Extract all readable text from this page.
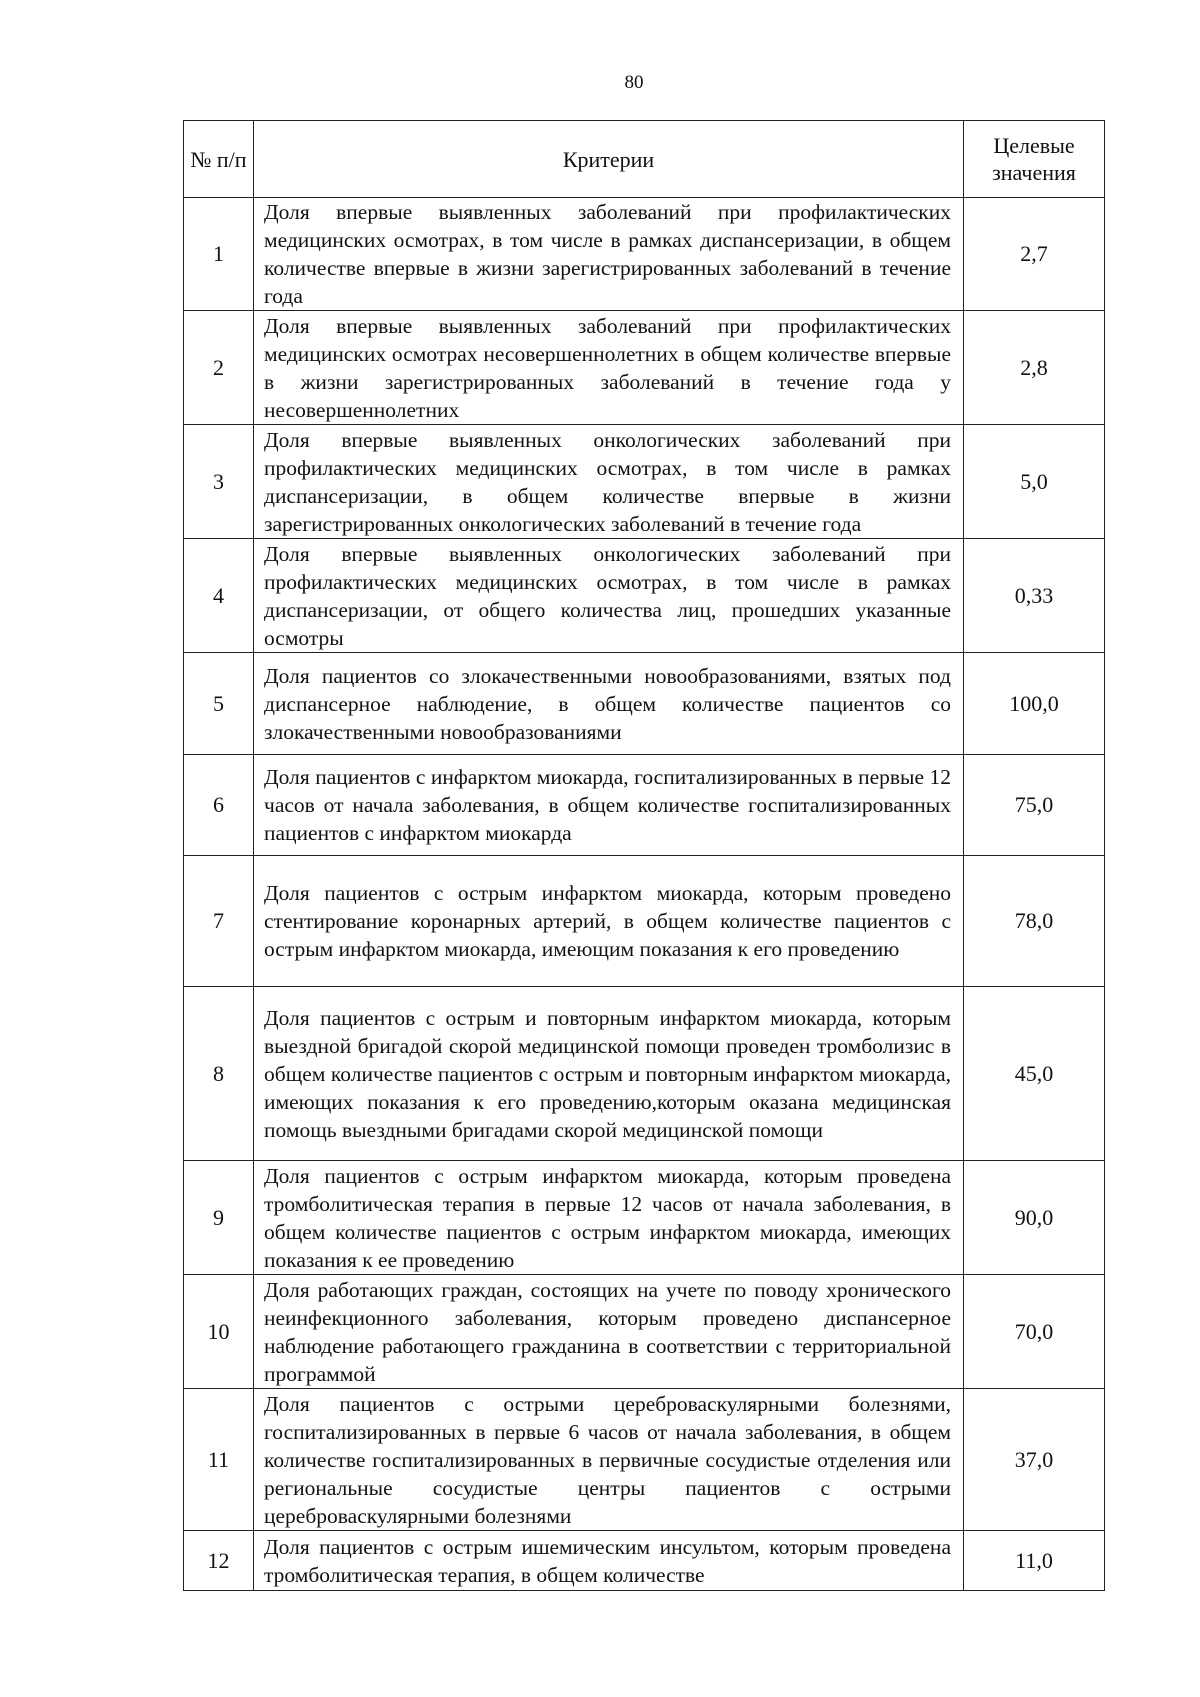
80
№ п/п	Критерии	Целевые значения
1	Доля впервые выявленных заболеваний при профилактических медицинских осмотрах, в том числе в рамках диспансеризации, в общем количестве впервые в жизни зарегистрированных заболеваний в течение года	2,7
2	Доля впервые выявленных заболеваний при профилактических медицинских осмотрах несовершеннолетних в общем количестве впервые в жизни зарегистрированных заболеваний в течение года у несовершеннолетних	2,8
3	Доля впервые выявленных онкологических заболеваний при профилактических медицинских осмотрах, в том числе в рамках диспансеризации, в общем количестве впервые в жизни зарегистрированных онкологических заболеваний в течение года	5,0
4	Доля впервые выявленных онкологических заболеваний при профилактических медицинских осмотрах, в том числе в рамках диспансеризации, от общего количества лиц, прошедших указанные осмотры	0,33
5	Доля пациентов со злокачественными новообразованиями, взятых под диспансерное наблюдение, в общем количестве пациентов со злокачественными новообразованиями	100,0
6	Доля пациентов с инфарктом миокарда, госпитализированных в первые 12 часов от начала заболевания, в общем количестве госпитализированных пациентов с инфарктом миокарда	75,0
7	Доля пациентов с острым инфарктом миокарда, которым проведено стентирование коронарных артерий, в общем количестве пациентов с острым инфарктом миокарда, имеющим показания к его проведению	78,0
8	Доля пациентов с острым и повторным инфарктом миокарда, которым выездной бригадой скорой медицинской помощи проведен тромболизис в общем количестве пациентов с острым и повторным инфарктом миокарда, имеющих показания к его проведению,которым оказана медицинская помощь выездными бригадами скорой медицинской помощи	45,0
9	Доля пациентов с острым инфарктом миокарда, которым проведена тромболитическая терапия в первые 12 часов от начала заболевания, в общем количестве пациентов с острым инфарктом миокарда, имеющих показания к ее проведению	90,0
10	Доля работающих граждан, состоящих на учете по поводу хронического неинфекционного заболевания, которым проведено диспансерное наблюдение работающего гражданина в соответствии с территориальной программой	70,0
11	Доля пациентов с острыми цереброваскулярными болезнями, госпитализированных в первые 6 часов от начала заболевания, в общем количестве госпитализированных в первичные сосудистые отделения или региональные сосудистые центры пациентов с острыми цереброваскулярными болезнями	37,0
12	Доля пациентов с острым ишемическим инсультом, которым проведена тромболитическая терапия, в общем количестве	11,0
